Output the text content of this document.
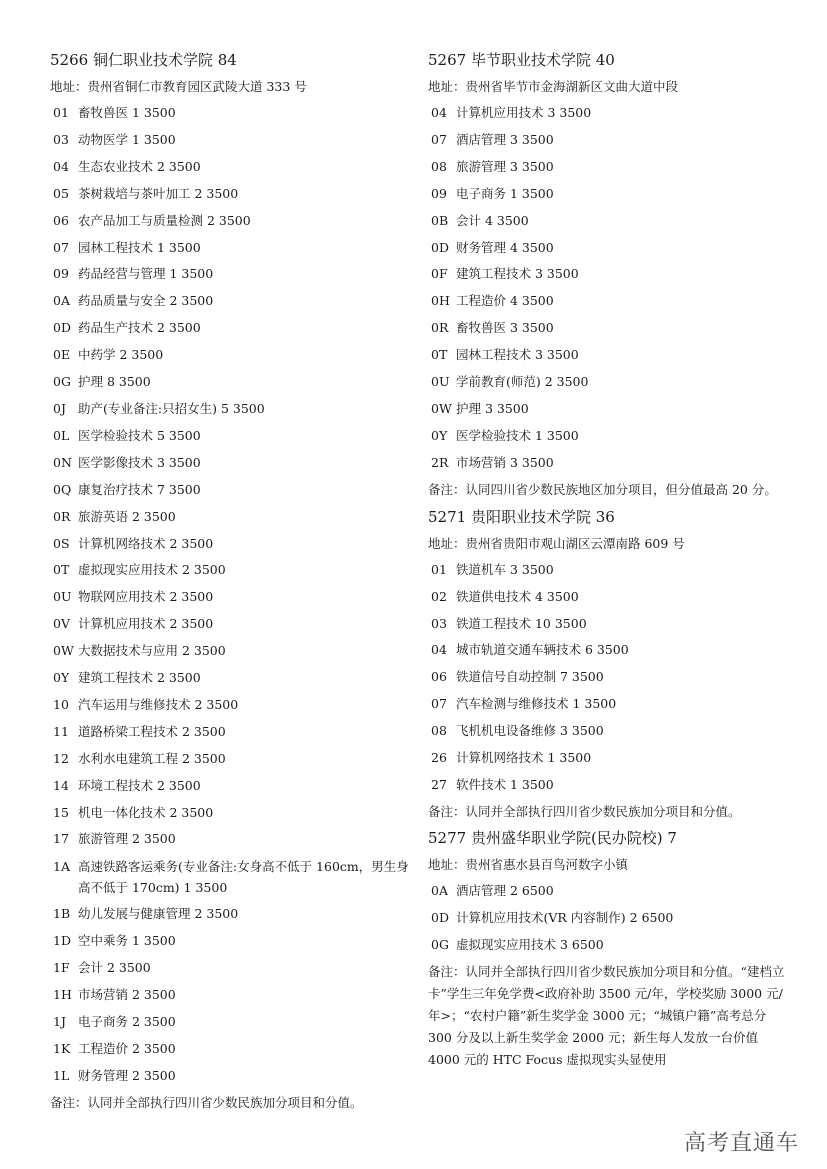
5266 铜仁职业技术学院 84
地址：贵州省铜仁市教育园区武陵大道 333 号
01 畜牧兽医 1 3500
03 动物医学 1 3500
04 生态农业技术 2 3500
05 茶树栽培与茶叶加工 2 3500
06 农产品加工与质量检测 2 3500
07 园林工程技术 1 3500
09 药品经营与管理 1 3500
0A 药品质量与安全 2 3500
0D 药品生产技术 2 3500
0E 中药学 2 3500
0G 护理 8 3500
0J 助产(专业备注:只招女生) 5 3500
0L 医学检验技术 5 3500
0N 医学影像技术 3 3500
0Q 康复治疗技术 7 3500
0R 旅游英语 2 3500
0S 计算机网络技术 2 3500
0T 虚拟现实应用技术 2 3500
0U 物联网应用技术 2 3500
0V 计算机应用技术 2 3500
0W 大数据技术与应用 2 3500
0Y 建筑工程技术 2 3500
10 汽车运用与维修技术 2 3500
11 道路桥梁工程技术 2 3500
12 水利水电建筑工程 2 3500
14 环境工程技术 2 3500
15 机电一体化技术 2 3500
17 旅游管理 2 3500
1A 高速铁路客运乘务(专业备注:女身高不低于 160cm，男生身高不低于 170cm) 1 3500
1B 幼儿发展与健康管理 2 3500
1D 空中乘务 1 3500
1F 会计 2 3500
1H 市场营销 2 3500
1J 电子商务 2 3500
1K 工程造价 2 3500
1L 财务管理 2 3500
备注：认同并全部执行四川省少数民族加分项目和分值。
5267 毕节职业技术学院 40
地址：贵州省毕节市金海湖新区文曲大道中段
04 计算机应用技术 3 3500
07 酒店管理 3 3500
08 旅游管理 3 3500
09 电子商务 1 3500
0B 会计 4 3500
0D 财务管理 4 3500
0F 建筑工程技术 3 3500
0H 工程造价 4 3500
0R 畜牧兽医 3 3500
0T 园林工程技术 3 3500
0U 学前教育(师范) 2 3500
0W 护理 3 3500
0Y 医学检验技术 1 3500
2R 市场营销 3 3500
备注：认同四川省少数民族地区加分项目，但分值最高 20 分。
5271 贵阳职业技术学院 36
地址：贵州省贵阳市观山湖区云潭南路 609 号
01 铁道机车 3 3500
02 铁道供电技术 4 3500
03 铁道工程技术 10 3500
04 城市轨道交通车辆技术 6 3500
06 铁道信号自动控制 7 3500
07 汽车检测与维修技术 1 3500
08 飞机机电设备维修 3 3500
26 计算机网络技术 1 3500
27 软件技术 1 3500
备注：认同并全部执行四川省少数民族加分项目和分值。
5277 贵州盛华职业学院(民办院校) 7
地址：贵州省惠水县百鸟河数字小镇
0A 酒店管理 2 6500
0D 计算机应用技术(VR 内容制作) 2 6500
0G 虚拟现实应用技术 3 6500
备注：认同并全部执行四川省少数民族加分项目和分值。“建档立卡”学生三年免学费<政府补助 3500 元/年，学校奖励 3000 元/年>；“农村户籍”新生奖学金 3000 元；“城镇户籍”高考总分 300 分及以上新生奖学金 2000 元；新生每人发放一台价值 4000 元的 HTC Focus 虚拟现实头显使用
高考直通车
